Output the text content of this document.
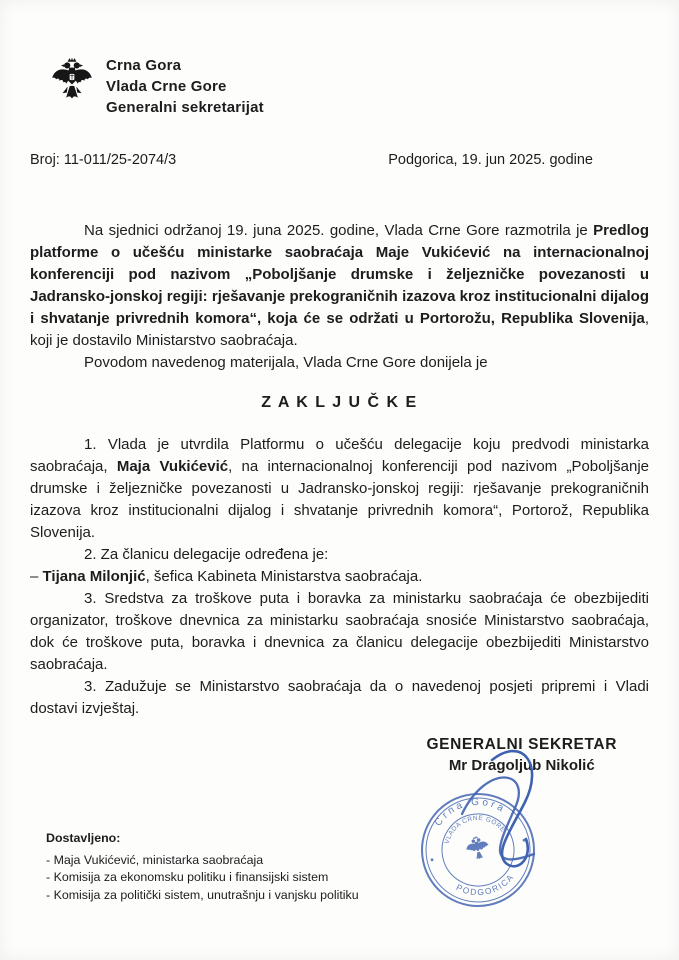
Crna Gora
Vlada Crne Gore
Generalni sekretarijat
Broj: 11-011/25-2074/3	Podgorica, 19. jun 2025. godine

Na sjednici održanoj 19. juna 2025. godine, Vlada Crne Gore razmotrila je Predlog platforme o učešću ministarke saobraćaja Maje Vukićević na internacionalnoj konferenciji pod nazivom „Poboljšanje drumske i željezničke povezanosti u Jadransko-jonskoj regiji: rješavanje prekograničnih izazova kroz institucionalni dijalog i shvatanje privrednih komora“, koja će se održati u Portorožu, Republika Slovenija, koji je dostavilo Ministarstvo saobraćaja.

Povodom navedenog materijala, Vlada Crne Gore donijela je

Z A K L J U Č K E

1. Vlada je utvrdila Platformu o učešću delegacije koju predvodi ministarka saobraćaja, Maja Vukićević, na internacionalnoj konferenciji pod nazivom „Poboljšanje drumske i željezničke povezanosti u Jadransko-jonskoj regiji: rješavanje prekograničnih izazova kroz institucionalni dijalog i shvatanje privrednih komora“, Portorož, Republika Slovenija.

2. Za članicu delegacije određena je:

– Tijana Milonjić, šefica Kabineta Ministarstva saobraćaja.

3. Sredstva za troškove puta i boravka za ministarku saobraćaja će obezbijediti organizator, troškove dnevnica za ministarku saobraćaja snosiće Ministarstvo saobraćaja, dok će troškove puta, boravka i dnevnica za članicu delegacije obezbijediti Ministarstvo saobraćaja.

3. Zadužuje se Ministarstvo saobraćaja da o navedenoj posjeti pripremi i Vladi dostavi izvještaj.

GENERALNI SEKRETAR
Mr Dragoljub Nikolić
Dostavljeno:
- Maja Vukićević, ministarka saobraćaja
- Komisija za ekonomsku politiku i finansijski sistem
- Komisija za politički sistem, unutrašnju i vanjsku politiku
Crna Gora
PODGORICA
VLADA CRNE GORE
